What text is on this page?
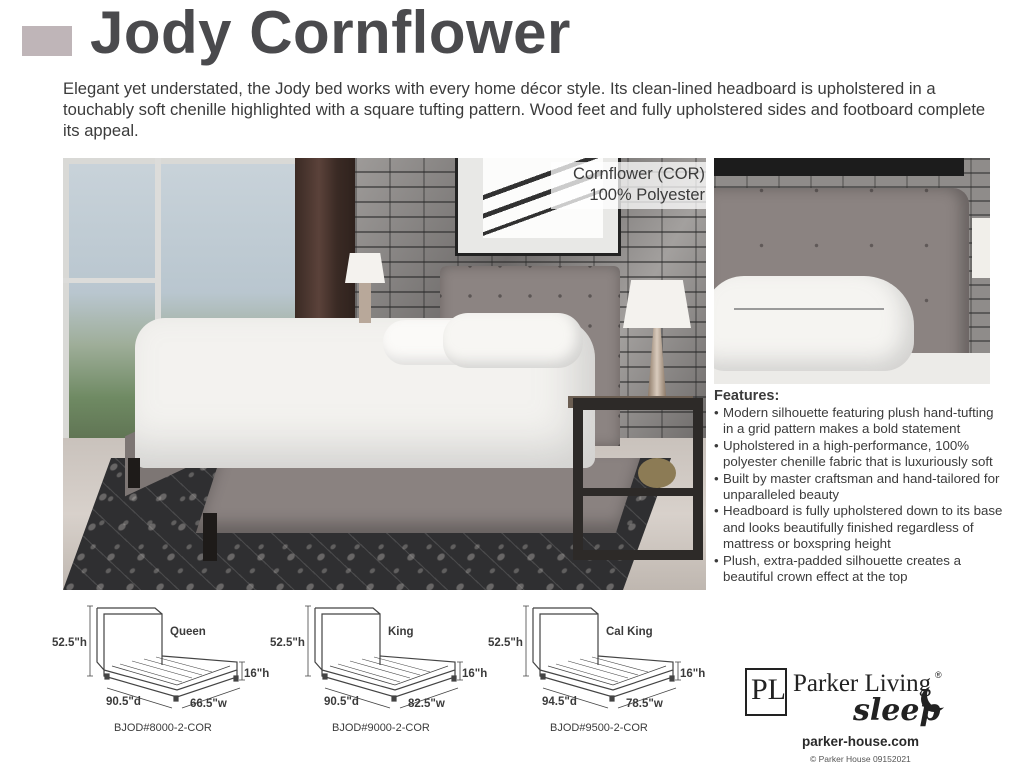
Jody Cornflower
Elegant yet understated, the Jody bed works with every home décor style. Its clean-lined headboard is upholstered in a touchably soft chenille highlighted with a square tufting pattern. Wood feet and fully upholstered sides and footboard complete its appeal.
Cornflower (COR)
100% Polyester
Features:
• Modern silhouette featuring plush hand-tufting in a grid pattern makes a bold statement
• Upholstered in a high-performance, 100% polyester chenille fabric that is luxuriously soft
• Built by master craftsman and hand-tailored for unparalleled beauty
• Headboard is fully upholstered down to its base and looks beautifully finished regardless of mattress or boxspring height
• Plush, extra-padded silhouette creates a beautiful crown effect at the top
52.5"h
Queen
16"h
90.5"d	66.5"w
BJOD#8000-2-COR
52.5"h
King
16"h
90.5"d	82.5"w
BJOD#9000-2-COR
52.5"h
Cal King
16"h
94.5"d	78.5"w
BJOD#9500-2-COR
PL Parker Living ®
sleep
parker-house.com
© Parker House 09152021
